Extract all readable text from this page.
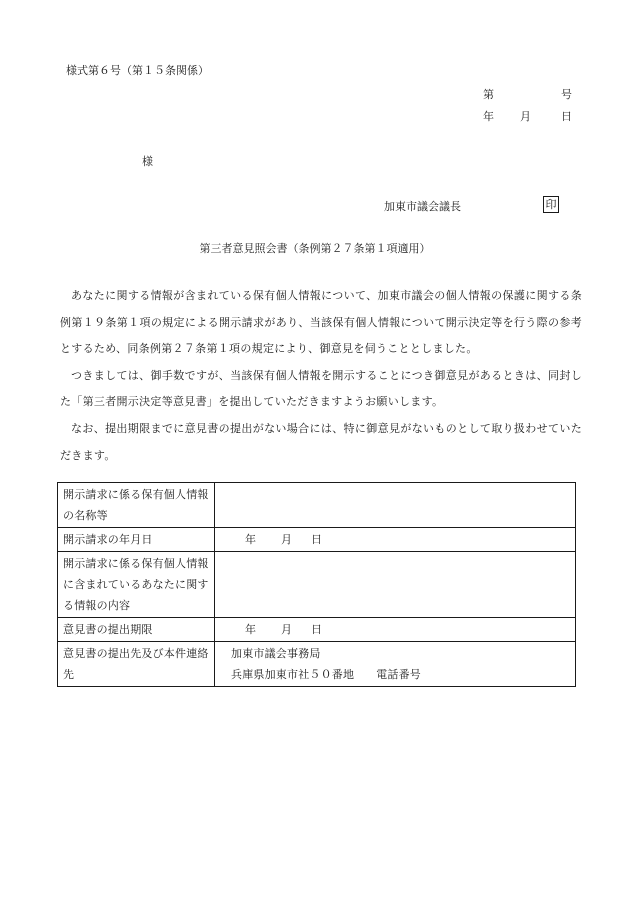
様式第６号（第１５条関係）
第	号
年 月	日
様
加東市議会議長	印
第三者意見照会書（条例第２７条第１項適用）

あなたに関する情報が含まれている保有個人情報について、加東市議会の個人情報の保護に関する条例第１９条第１項の規定による開示請求があり、当該保有個人情報について開示決定等を行う際の参考とするため、同条例第２７条第１項の規定により、御意見を伺うこととしました。

つきましては、御手数ですが、当該保有個人情報を開示することにつき御意見があるときは、同封した「第三者開示決定等意見書」を提出していただきますようお願いします。

なお、提出期限までに意見書の提出がない場合には、特に御意見がないものとして取り扱わせていただきます。

開示請求に係る保有個人情報の名称等	
開示請求の年月日	年 月 日
開示請求に係る保有個人情報に含まれているあなたに関する情報の内容	
意見書の提出期限	年 月 日
意見書の提出先及び本件連絡先	加東市議会事務局
兵庫県加東市社５０番地 電話番号
